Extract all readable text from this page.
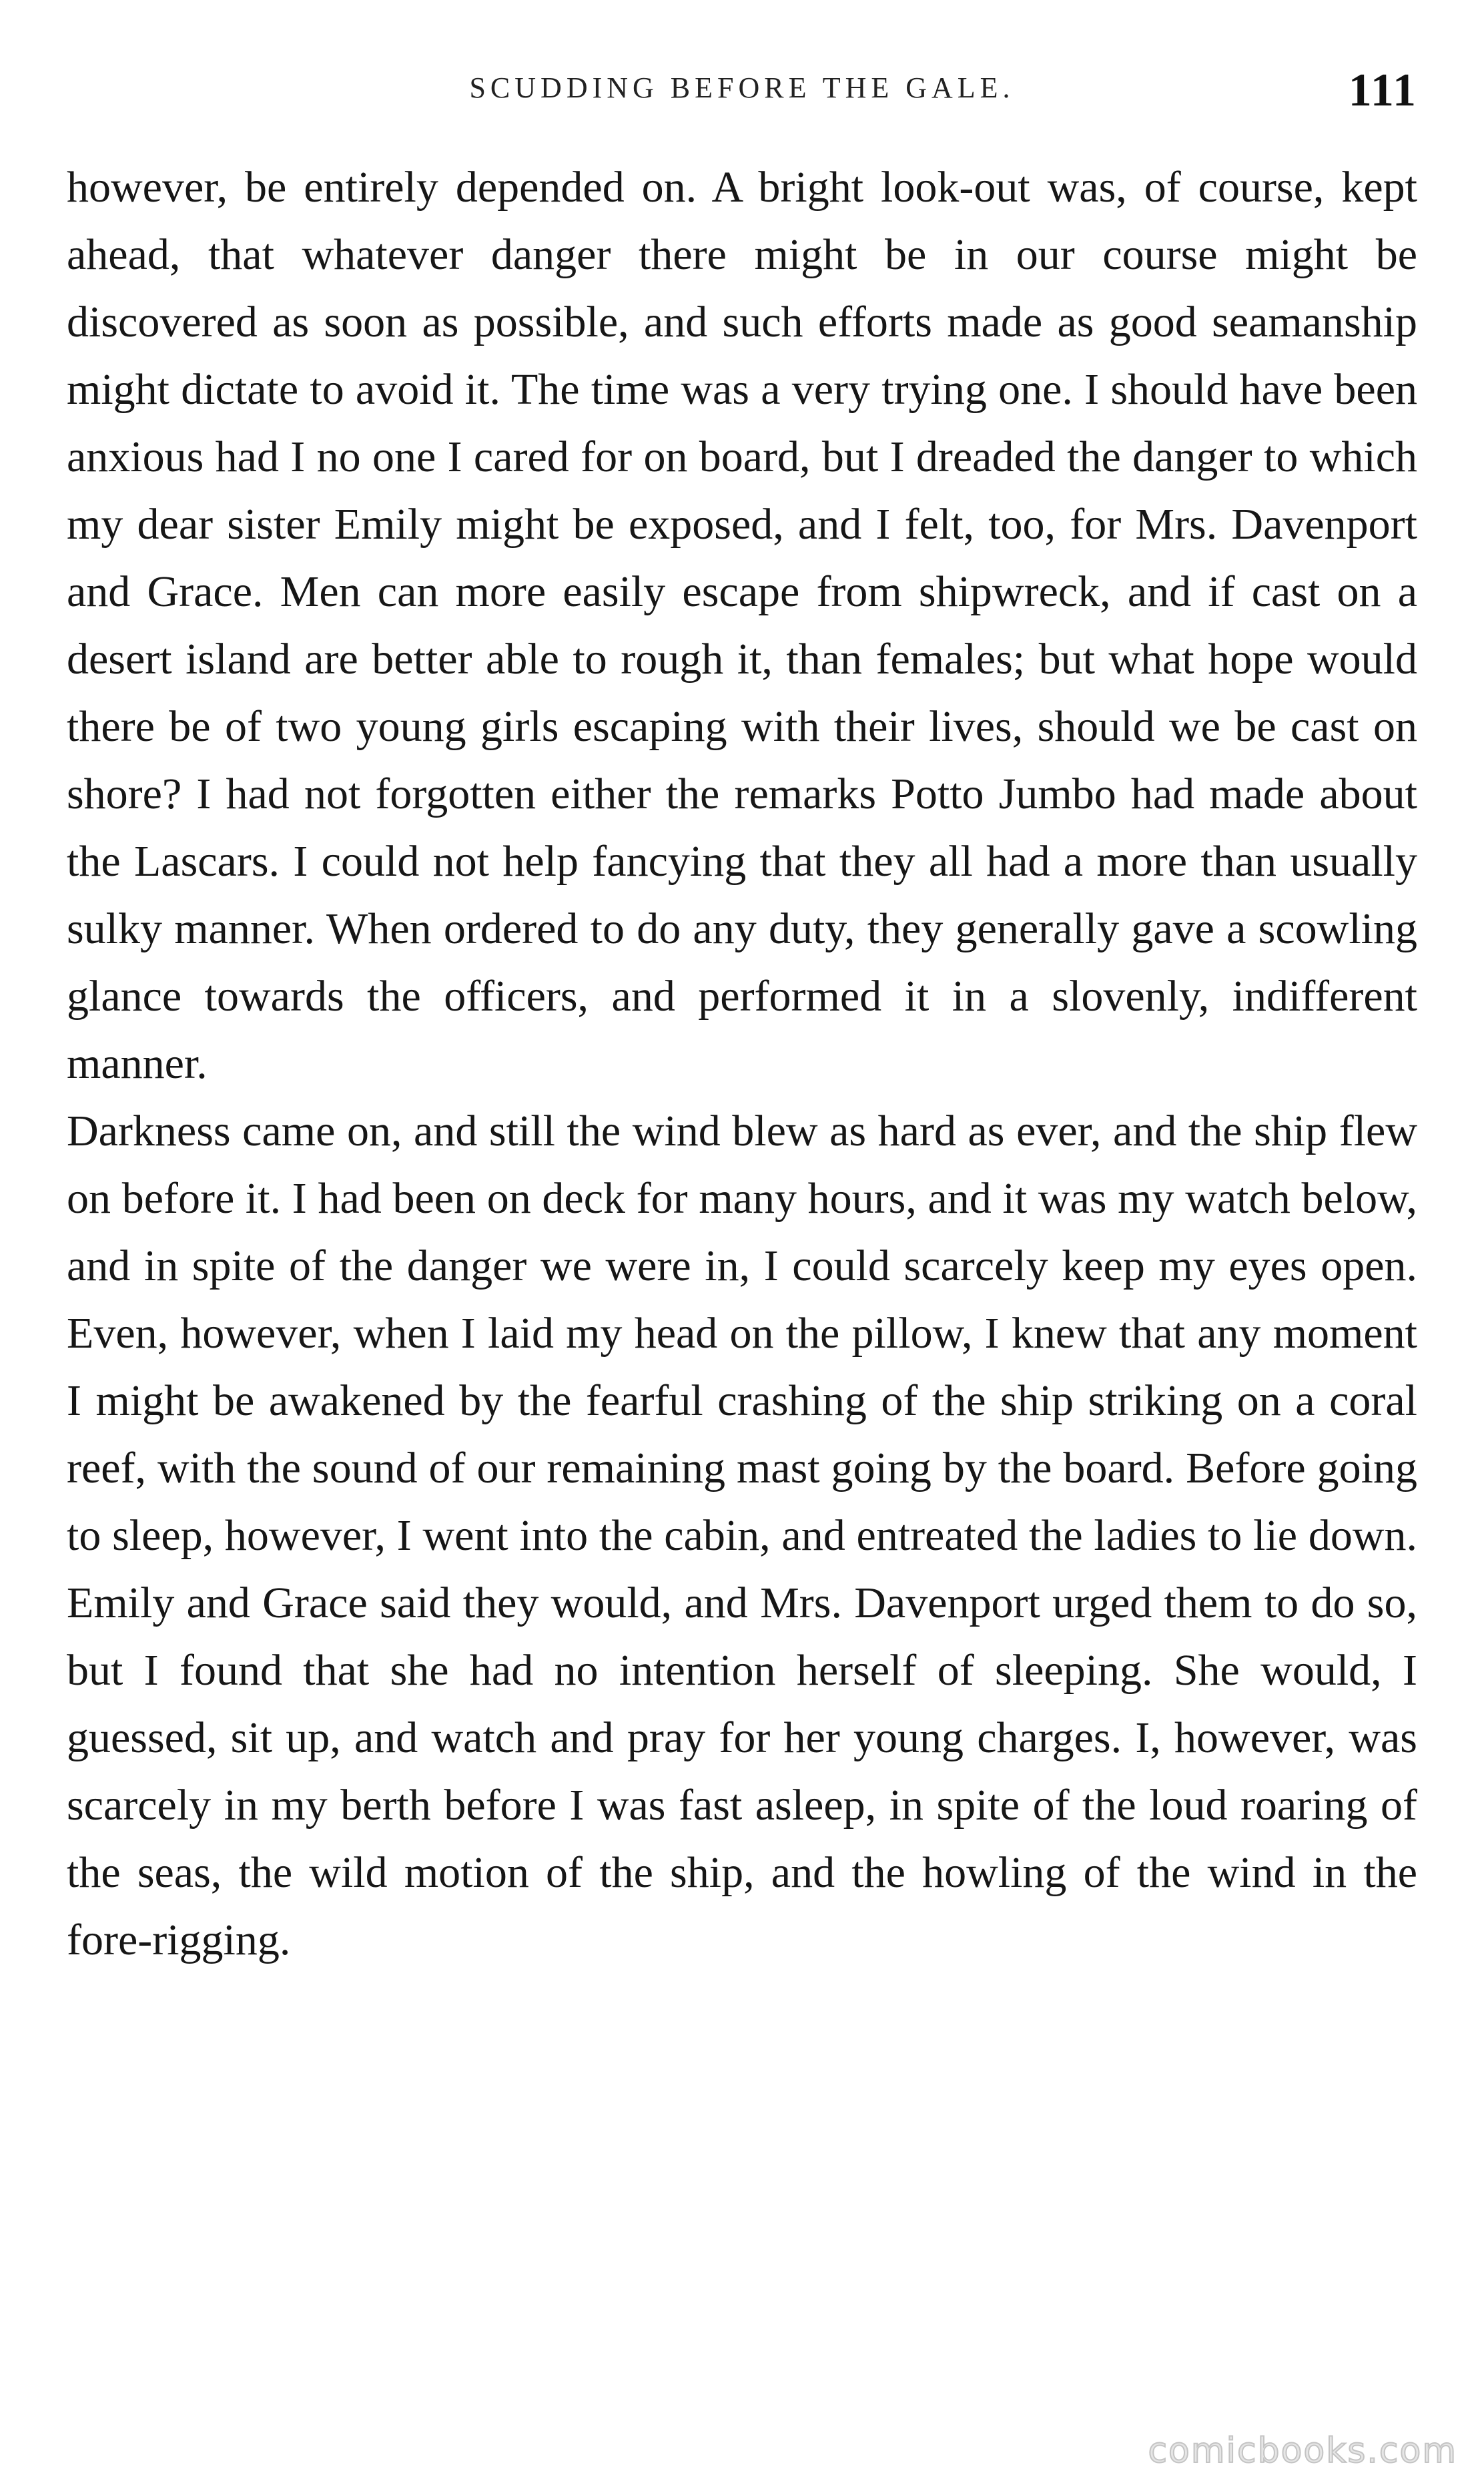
SCUDDING BEFORE THE GALE.	111

however, be entirely depended on. A bright look-out was, of course, kept ahead, that whatever danger there might be in our course might be discovered as soon as possible, and such efforts made as good seamanship might dictate to avoid it. The time was a very trying one. I should have been anxious had I no one I cared for on board, but I dreaded the danger to which my dear sister Emily might be exposed, and I felt, too, for Mrs. Davenport and Grace. Men can more easily escape from shipwreck, and if cast on a desert island are better able to rough it, than females; but what hope would there be of two young girls escaping with their lives, should we be cast on shore? I had not forgotten either the remarks Potto Jumbo had made about the Lascars. I could not help fancying that they all had a more than usually sulky manner. When ordered to do any duty, they generally gave a scowling glance towards the officers, and performed it in a slovenly, indifferent manner.

Darkness came on, and still the wind blew as hard as ever, and the ship flew on before it. I had been on deck for many hours, and it was my watch below, and in spite of the danger we were in, I could scarcely keep my eyes open. Even, however, when I laid my head on the pillow, I knew that any moment I might be awakened by the fearful crashing of the ship striking on a coral reef, with the sound of our remaining mast going by the board. Before going to sleep, however, I went into the cabin, and entreated the ladies to lie down. Emily and Grace said they would, and Mrs. Davenport urged them to do so, but I found that she had no intention herself of sleeping. She would, I guessed, sit up, and watch and pray for her young charges. I, however, was scarcely in my berth before I was fast asleep, in spite of the loud roaring of the seas, the wild motion of the ship, and the howling of the wind in the fore-rigging.

comicbooks.com
